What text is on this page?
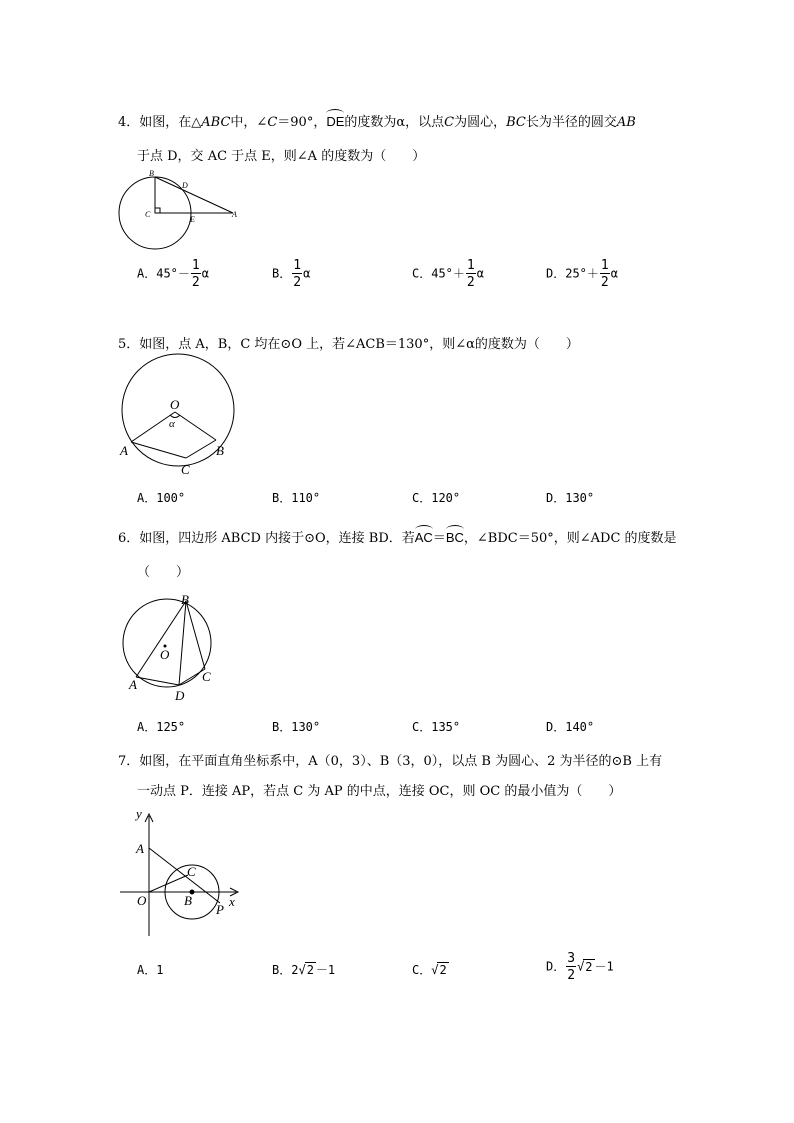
4．如图，在△ABC中，∠C＝90°，DE的度数为α，以点C为圆心，BC长为半径的圆交AB
于点 D，交 AC 于点 E，则∠A 的度数为（　　）
B
D
C
E
A
A．$45^\circ- \frac{1}{2}$ α	B． $\frac{1}{2}$ α	C．$45^\circ+ \frac{1}{2}$ α	D．$25^\circ+ \frac{1}{2}$ α
5．如图，点 A，B，C 均在⊙O 上，若∠ACB＝130°，则∠α的度数为（　　）
O
α
A	B
C
A．100°	B．110°	C．120°	D．130°
6．如图，四边形 ABCD 内接于⊙O，连接 BD．若AC＝BC，∠BDC＝50°，则∠ADC 的度数是
（　　）
B
O
A
D
C
A．125°	B．130°	C．135°	D．140°
7．如图，在平面直角坐标系中，A（0，3）、B（3，0），以点 B 为圆心、2 为半径的⊙B 上有
一动点 P．连接 AP，若点 C 为 AP 的中点，连接 OC，则 OC 的最小值为（　　）
y
A
C
O	B	x
P
A．1	B．2√2 －1	C．√2	D． $\frac{3}{2} √2 -1$
